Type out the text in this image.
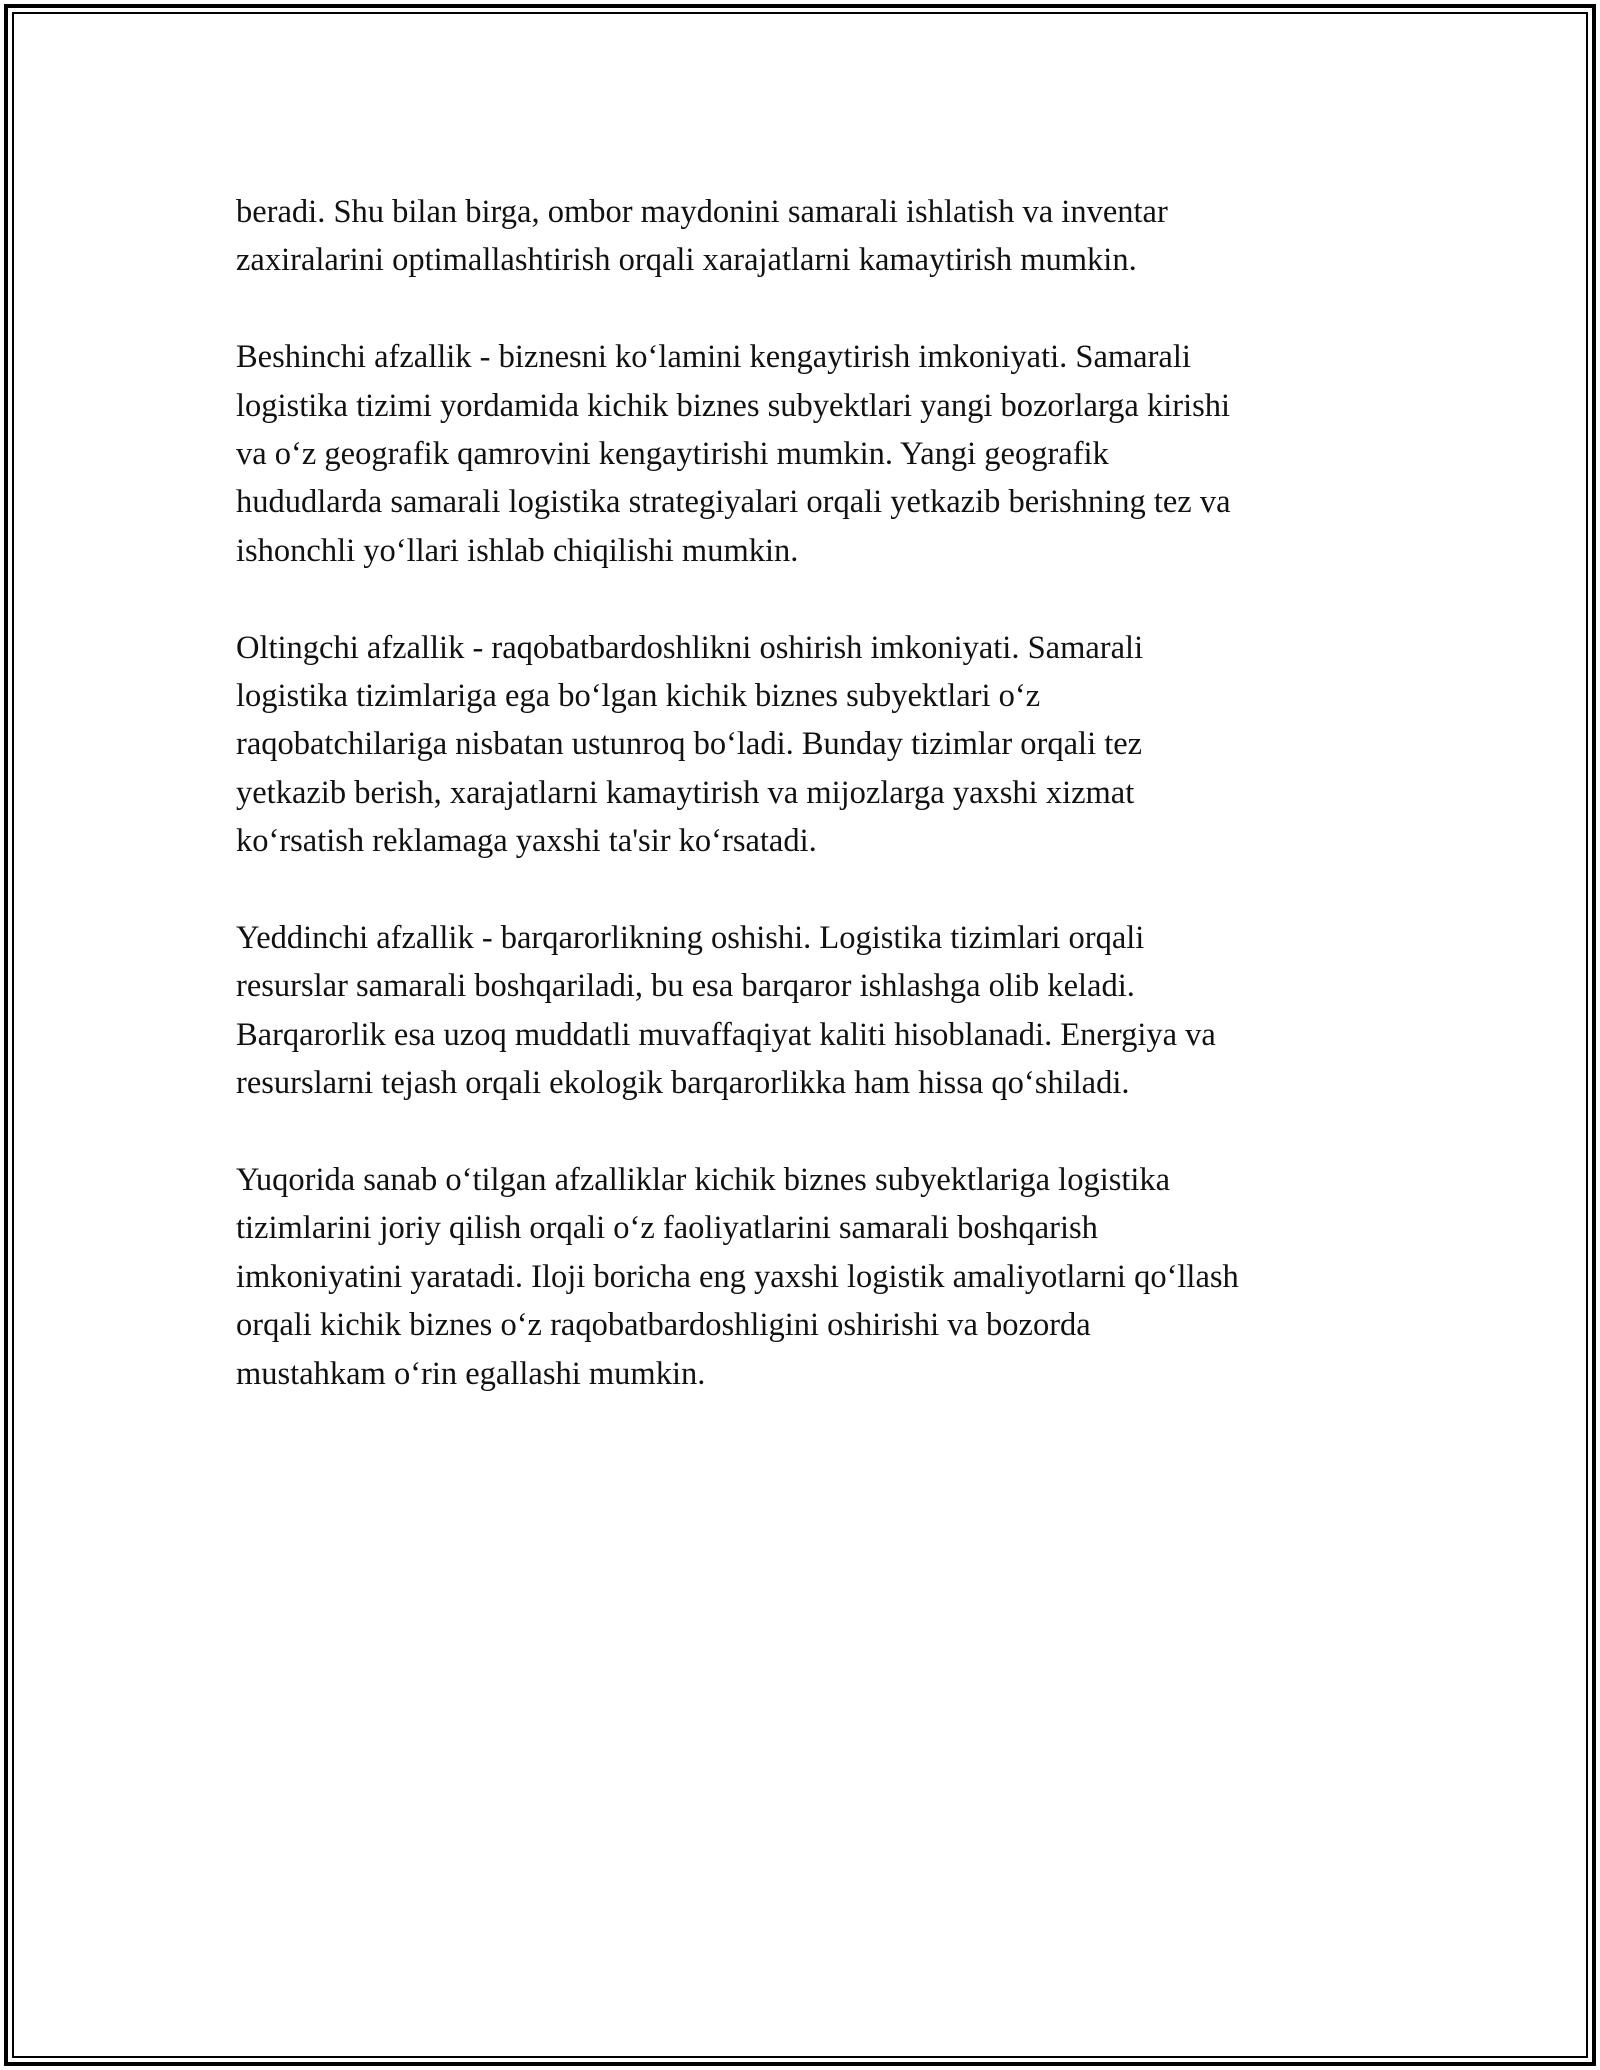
beradi. Shu bilan birga, ombor maydonini samarali ishlatish va inventar
zaxiralarini optimallashtirish orqali xarajatlarni kamaytirish mumkin.

Beshinchi afzallik - biznesni ko‘lamini kengaytirish imkoniyati. Samarali
logistika tizimi yordamida kichik biznes subyektlari yangi bozorlarga kirishi
va o‘z geografik qamrovini kengaytirishi mumkin. Yangi geografik
hududlarda samarali logistika strategiyalari orqali yetkazib berishning tez va
ishonchli yo‘llari ishlab chiqilishi mumkin.

Oltingchi afzallik - raqobatbardoshlikni oshirish imkoniyati. Samarali
logistika tizimlariga ega bo‘lgan kichik biznes subyektlari o‘z
raqobatchilariga nisbatan ustunroq bo‘ladi. Bunday tizimlar orqali tez
yetkazib berish, xarajatlarni kamaytirish va mijozlarga yaxshi xizmat
ko‘rsatish reklamaga yaxshi ta'sir ko‘rsatadi.

Yeddinchi afzallik - barqarorlikning oshishi. Logistika tizimlari orqali
resurslar samarali boshqariladi, bu esa barqaror ishlashga olib keladi.
Barqarorlik esa uzoq muddatli muvaffaqiyat kaliti hisoblanadi. Energiya va
resurslarni tejash orqali ekologik barqarorlikka ham hissa qo‘shiladi.

Yuqorida sanab o‘tilgan afzalliklar kichik biznes subyektlariga logistika
tizimlarini joriy qilish orqali o‘z faoliyatlarini samarali boshqarish
imkoniyatini yaratadi. Iloji boricha eng yaxshi logistik amaliyotlarni qo‘llash
orqali kichik biznes o‘z raqobatbardoshligini oshirishi va bozorda
mustahkam o‘rin egallashi mumkin.
